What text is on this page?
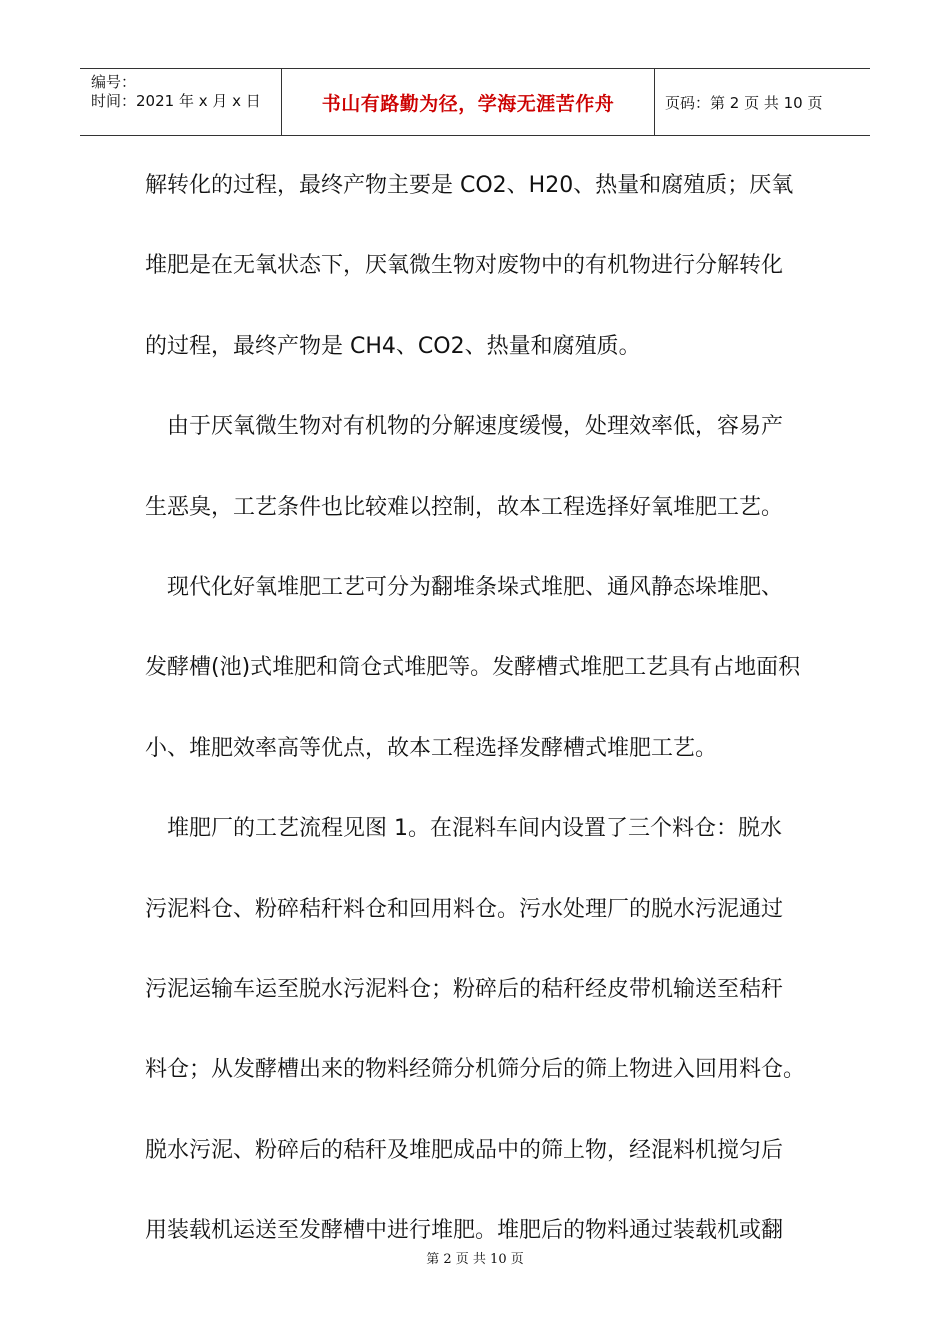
编号：
时间：2021 年 x 月 x 日	书山有路勤为径，学海无涯苦作舟	页码：第 2 页 共 10 页
解转化的过程，最终产物主要是 CO2、H20、热量和腐殖质；厌氧
堆肥是在无氧状态下，厌氧微生物对废物中的有机物进行分解转化
的过程，最终产物是 CH4、CO2、热量和腐殖质。
　由于厌氧微生物对有机物的分解速度缓慢，处理效率低，容易产
生恶臭，工艺条件也比较难以控制，故本工程选择好氧堆肥工艺。
　现代化好氧堆肥工艺可分为翻堆条垛式堆肥、通风静态垛堆肥、
发酵槽(池)式堆肥和筒仓式堆肥等。发酵槽式堆肥工艺具有占地面积
小、堆肥效率高等优点，故本工程选择发酵槽式堆肥工艺。
　堆肥厂的工艺流程见图 1。在混料车间内设置了三个料仓：脱水
污泥料仓、粉碎秸秆料仓和回用料仓。污水处理厂的脱水污泥通过
污泥运输车运至脱水污泥料仓；粉碎后的秸秆经皮带机输送至秸秆
料仓；从发酵槽出来的物料经筛分机筛分后的筛上物进入回用料仓。
脱水污泥、粉碎后的秸秆及堆肥成品中的筛上物，经混料机搅匀后
用装载机运送至发酵槽中进行堆肥。堆肥后的物料通过装载机或翻
第 2 页 共 10 页
